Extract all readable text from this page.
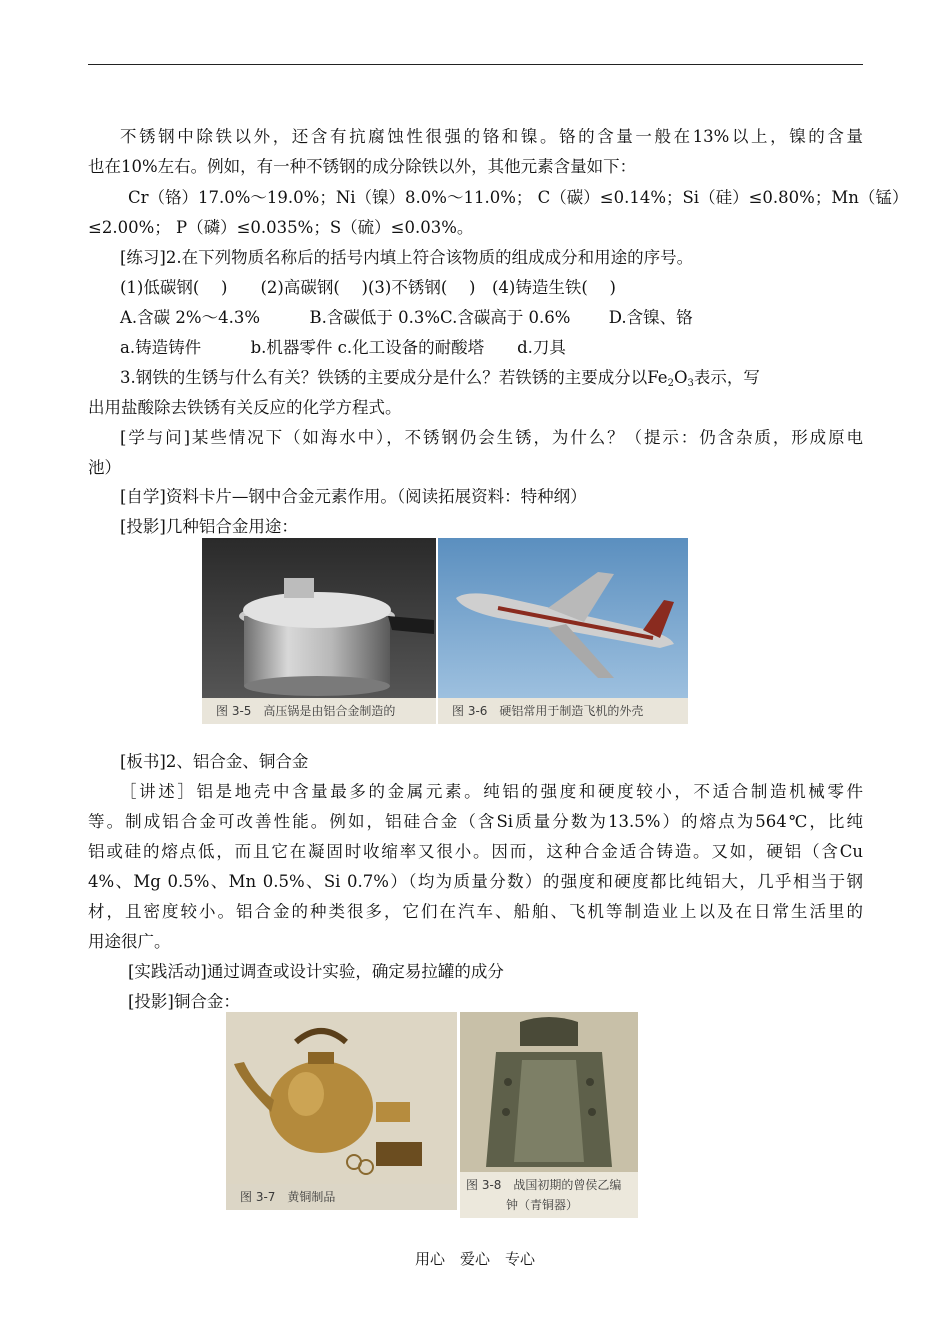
不锈钢中除铁以外，还含有抗腐蚀性很强的铬和镍。铬的含量一般在13%以上，镍的含量
也在10%左右。例如，有一种不锈钢的成分除铁以外，其他元素含量如下：
Cr（铬）17.0%～19.0%；Ni（镍）8.0%～11.0%； C（碳）≤0.14%；Si（硅）≤0.80%；Mn（锰）
≤2.00%； P（磷）≤0.035%；S（硫）≤0.03%。
[练习]2.在下列物质名称后的括号内填上符合该物质的组成成分和用途的序号。
(1)低碳钢(　 )　　(2)高碳钢(　 )(3)不锈钢(　 )　(4)铸造生铁(　 )
A.含碳 2%～4.3%　　　B.含碳低于 0.3%C.含碳高于 0.6%　　 D.含镍、铬
a.铸造铸件　　　b.机器零件 c.化工设备的耐酸塔　　d.刀具
3.钢铁的生锈与什么有关？铁锈的主要成分是什么？若铁锈的主要成分以$Fe_2O_3$表示，写
出用盐酸除去铁锈有关反应的化学方程式。
[学与问]某些情况下（如海水中），不锈钢仍会生锈，为什么？（提示：仍含杂质，形成原电
池）
[自学]资料卡片—钢中合金元素作用。（阅读拓展资料：特种纲）
[投影]几种铝合金用途：
图 3-5　高压锅是由铝合金制造的	图 3-6　硬铝常用于制造飞机的外壳
[板书]2、铝合金、铜合金
［讲述］铝是地壳中含量最多的金属元素。纯铝的强度和硬度较小，不适合制造机械零件
等。制成铝合金可改善性能。例如，铝硅合金（含Si质量分数为13.5%）的熔点为564℃，比纯
铝或硅的熔点低，而且它在凝固时收缩率又很小。因而，这种合金适合铸造。又如，硬铝（含Cu
4%、Mg 0.5%、Mn 0.5%、Si 0.7%）（均为质量分数）的强度和硬度都比纯铝大，几乎相当于钢
材，且密度较小。铝合金的种类很多，它们在汽车、船舶、飞机等制造业上以及在日常生活里的
用途很广。
[实践活动]通过调查或设计实验，确定易拉罐的成分
[投影]铜合金：
图 3-7　黄铜制品
图 3-8　战国初期的曾侯乙编
钟（青铜器）
用心　爱心　专心
